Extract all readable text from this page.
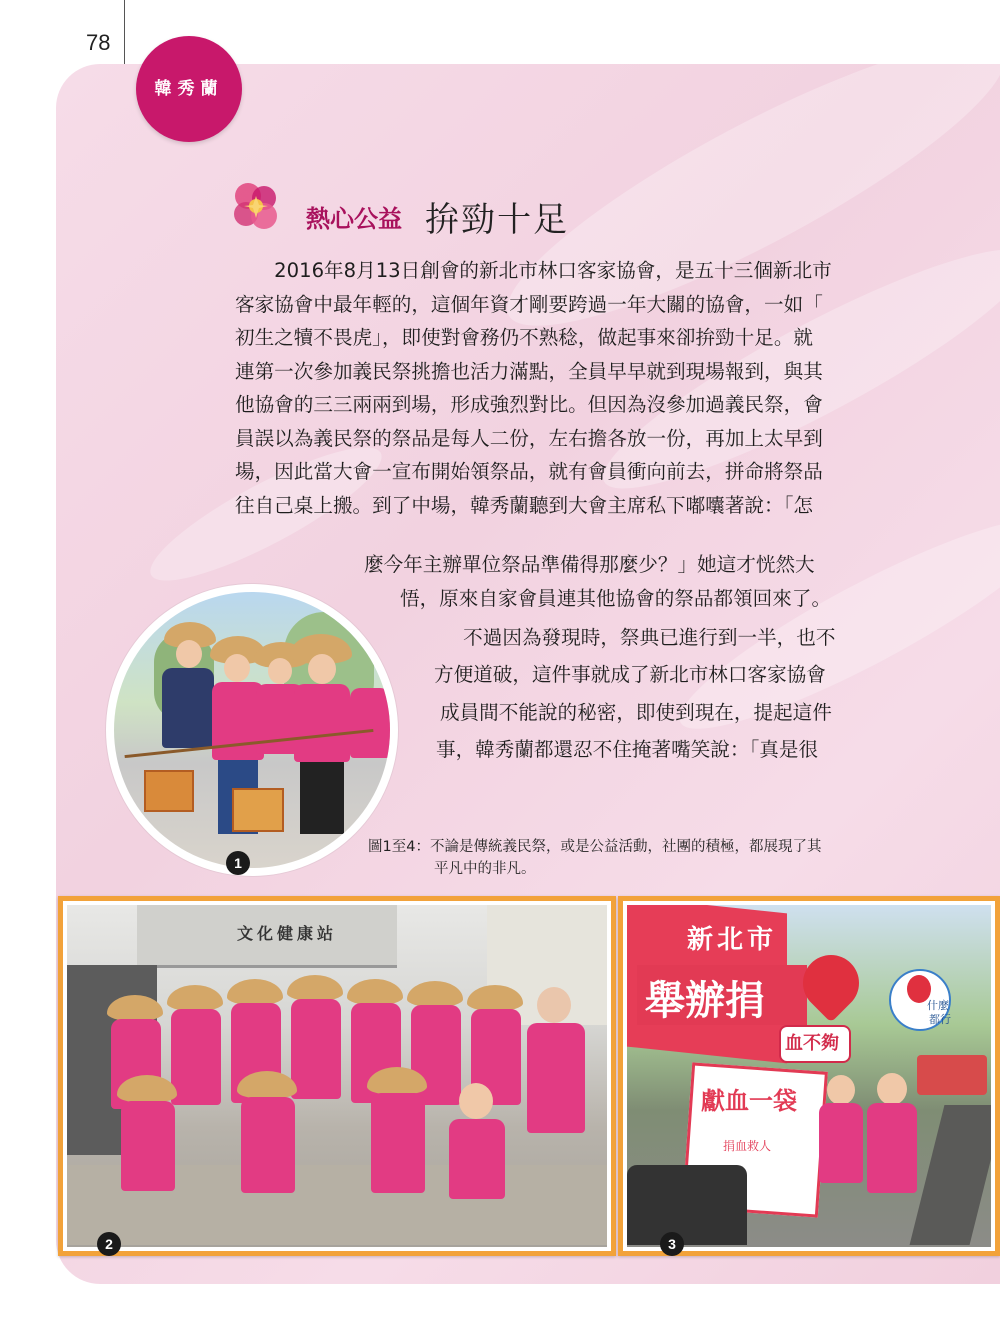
78
韓秀蘭
熱心公益 拚勁十足
　　2016年8月13日創會的新北市林口客家協會，是五十三個新北市
客家協會中最年輕的，這個年資才剛要跨過一年大關的協會，一如「
初生之犢不畏虎」，即使對會務仍不熟稔，做起事來卻拚勁十足。就
連第一次參加義民祭挑擔也活力滿點，全員早早就到現場報到，與其
他協會的三三兩兩到場，形成強烈對比。但因為沒參加過義民祭，會
員誤以為義民祭的祭品是每人二份，左右擔各放一份，再加上太早到
場，因此當大會一宣布開始領祭品，就有會員衝向前去，拼命將祭品
往自己桌上搬。到了中場，韓秀蘭聽到大會主席私下嘟囔著說：「怎
麼今年主辦單位祭品準備得那麼少？」她這才恍然大
悟，原來自家會員連其他協會的祭品都領回來了。
　　不過因為發現時，祭典已進行到一半，也不
方便道破，這件事就成了新北市林口客家協會
成員間不能說的秘密，即使到現在，提起這件
事，韓秀蘭都還忍不住掩著嘴笑說：「真是很
1
圖1至4：不論是傳統義民祭，或是公益活動，社團的積極，都展現了其
平凡中的非凡。
文化健康站
2
新北市
舉辦捐
血不夠
什麼
都行
獻血一袋
捐血救人
3
